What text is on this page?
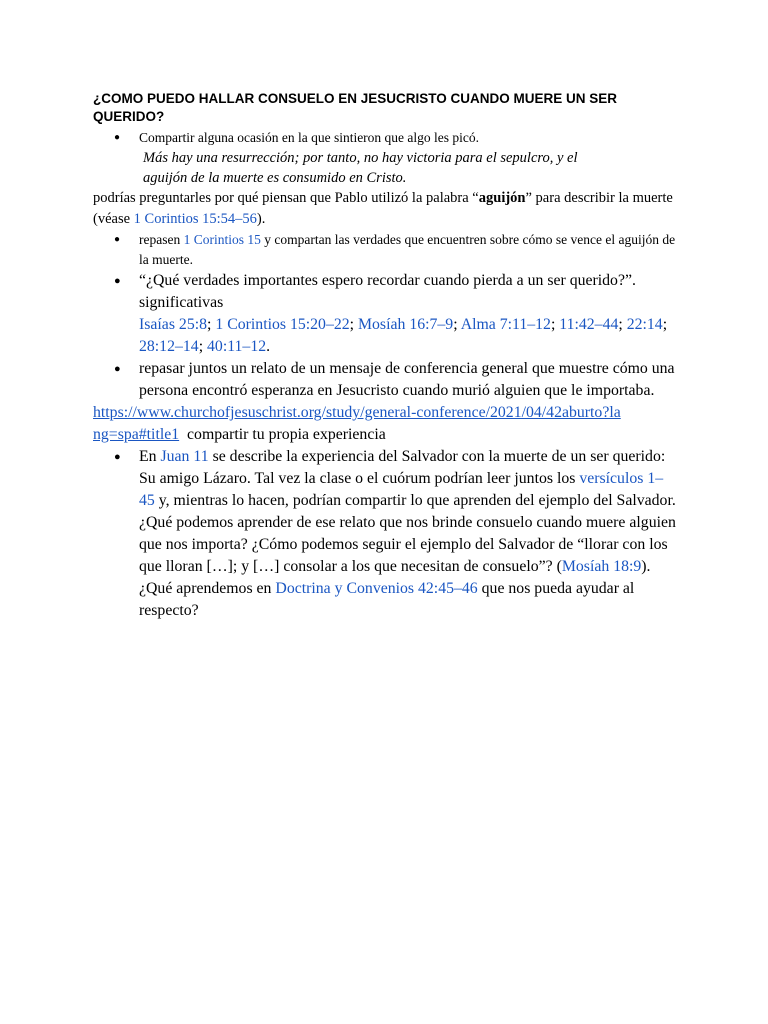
¿COMO PUEDO HALLAR CONSUELO EN JESUCRISTO CUANDO MUERE UN SER QUERIDO?
● Compartir alguna ocasión en la que sintieron que algo les picó.
Más hay una resurrección; por tanto, no hay victoria para el sepulcro, y el
aguijón de la muerte es consumido en Cristo.

podrías preguntarles por qué piensan que Pablo utilizó la palabra “aguijón” para describir la muerte (véase 1 Corintios 15:54–56).

● repasen 1 Corintios 15 y compartan las verdades que encuentren sobre cómo se vence el aguijón de la muerte.
● “¿Qué verdades importantes espero recordar cuando pierda a un ser querido?”. significativas
Isaías 25:8; 1 Corintios 15:20–22; Mosíah 16:7–9; Alma 7:11–12; 11:42–44; 22:14; 28:12–14; 40:11–12.
● repasar juntos un relato de un mensaje de conferencia general que muestre cómo una persona encontró esperanza en Jesucristo cuando murió alguien que le importaba.

https://www.churchofjesuschrist.org/study/general-conference/2021/04/42aburto?la
ng=spa#title1  compartir tu propia experiencia

● En Juan 11 se describe la experiencia del Salvador con la muerte de un ser querido: Su amigo Lázaro. Tal vez la clase o el cuórum podrían leer juntos los versículos 1–45 y, mientras lo hacen, podrían compartir lo que aprenden del ejemplo del Salvador. ¿Qué podemos aprender de ese relato que nos brinde consuelo cuando muere alguien que nos importa? ¿Cómo podemos seguir el ejemplo del Salvador de “llorar con los que lloran […]; y […] consolar a los que necesitan de consuelo”? (Mosíah 18:9). ¿Qué aprendemos en Doctrina y Convenios 42:45–46 que nos pueda ayudar al respecto?
